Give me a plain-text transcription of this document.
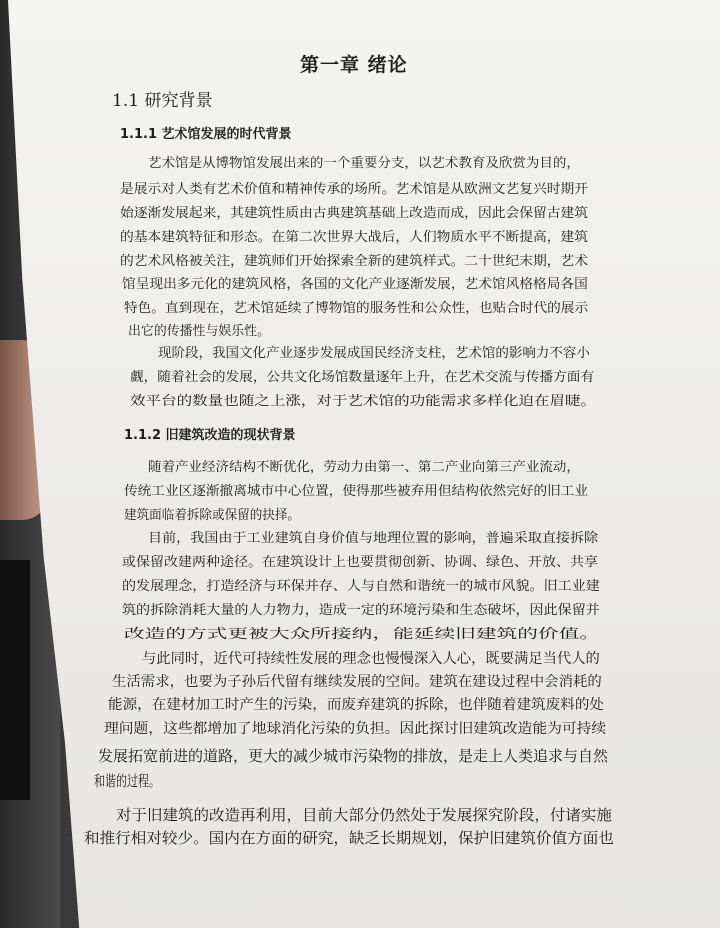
第一章 绪论
1.1 研究背景
1.1.1 艺术馆发展的时代背景
1.1.2 旧建筑改造的现状背景
艺术馆是从博物馆发展出来的一个重要分支，以艺术教育及欣赏为目的，
是展示对人类有艺术价值和精神传承的场所。艺术馆是从欧洲文艺复兴时期开
始逐渐发展起来，其建筑性质由古典建筑基础上改造而成，因此会保留古建筑
的基本建筑特征和形态。在第二次世界大战后，人们物质水平不断提高，建筑
的艺术风格被关注，建筑师们开始探索全新的建筑样式。二十世纪末期，艺术
馆呈现出多元化的建筑风格，各国的文化产业逐渐发展，艺术馆风格格局各国
特色。直到现在，艺术馆延续了博物馆的服务性和公众性，也贴合时代的展示
出它的传播性与娱乐性。
现阶段，我国文化产业逐步发展成国民经济支柱，艺术馆的影响力不容小
觑，随着社会的发展，公共文化场馆数量逐年上升，在艺术交流与传播方面有
效平台的数量也随之上涨，对于艺术馆的功能需求多样化迫在眉睫。
随着产业经济结构不断优化，劳动力由第一、第二产业向第三产业流动，
传统工业区逐渐撤离城市中心位置，使得那些被弃用但结构依然完好的旧工业
建筑面临着拆除或保留的抉择。
目前，我国由于工业建筑自身价值与地理位置的影响，普遍采取直接拆除
或保留改建两种途径。在建筑设计上也要贯彻创新、协调、绿色、开放、共享
的发展理念，打造经济与环保并存、人与自然和谐统一的城市风貌。旧工业建
筑的拆除消耗大量的人力物力，造成一定的环境污染和生态破坏，因此保留并
改造的方式更被大众所接纳，能延续旧建筑的价值。
与此同时，近代可持续性发展的理念也慢慢深入人心，既要满足当代人的
生活需求，也要为子孙后代留有继续发展的空间。建筑在建设过程中会消耗的
能源，在建材加工时产生的污染，而废弃建筑的拆除，也伴随着建筑废料的处
理问题，这些都增加了地球消化污染的负担。因此探讨旧建筑改造能为可持续
发展拓宽前进的道路，更大的减少城市污染物的排放，是走上人类追求与自然
和谐的过程。
对于旧建筑的改造再利用，目前大部分仍然处于发展探究阶段，付诸实施
和推行相对较少。国内在方面的研究，缺乏长期规划，保护旧建筑价值方面也
